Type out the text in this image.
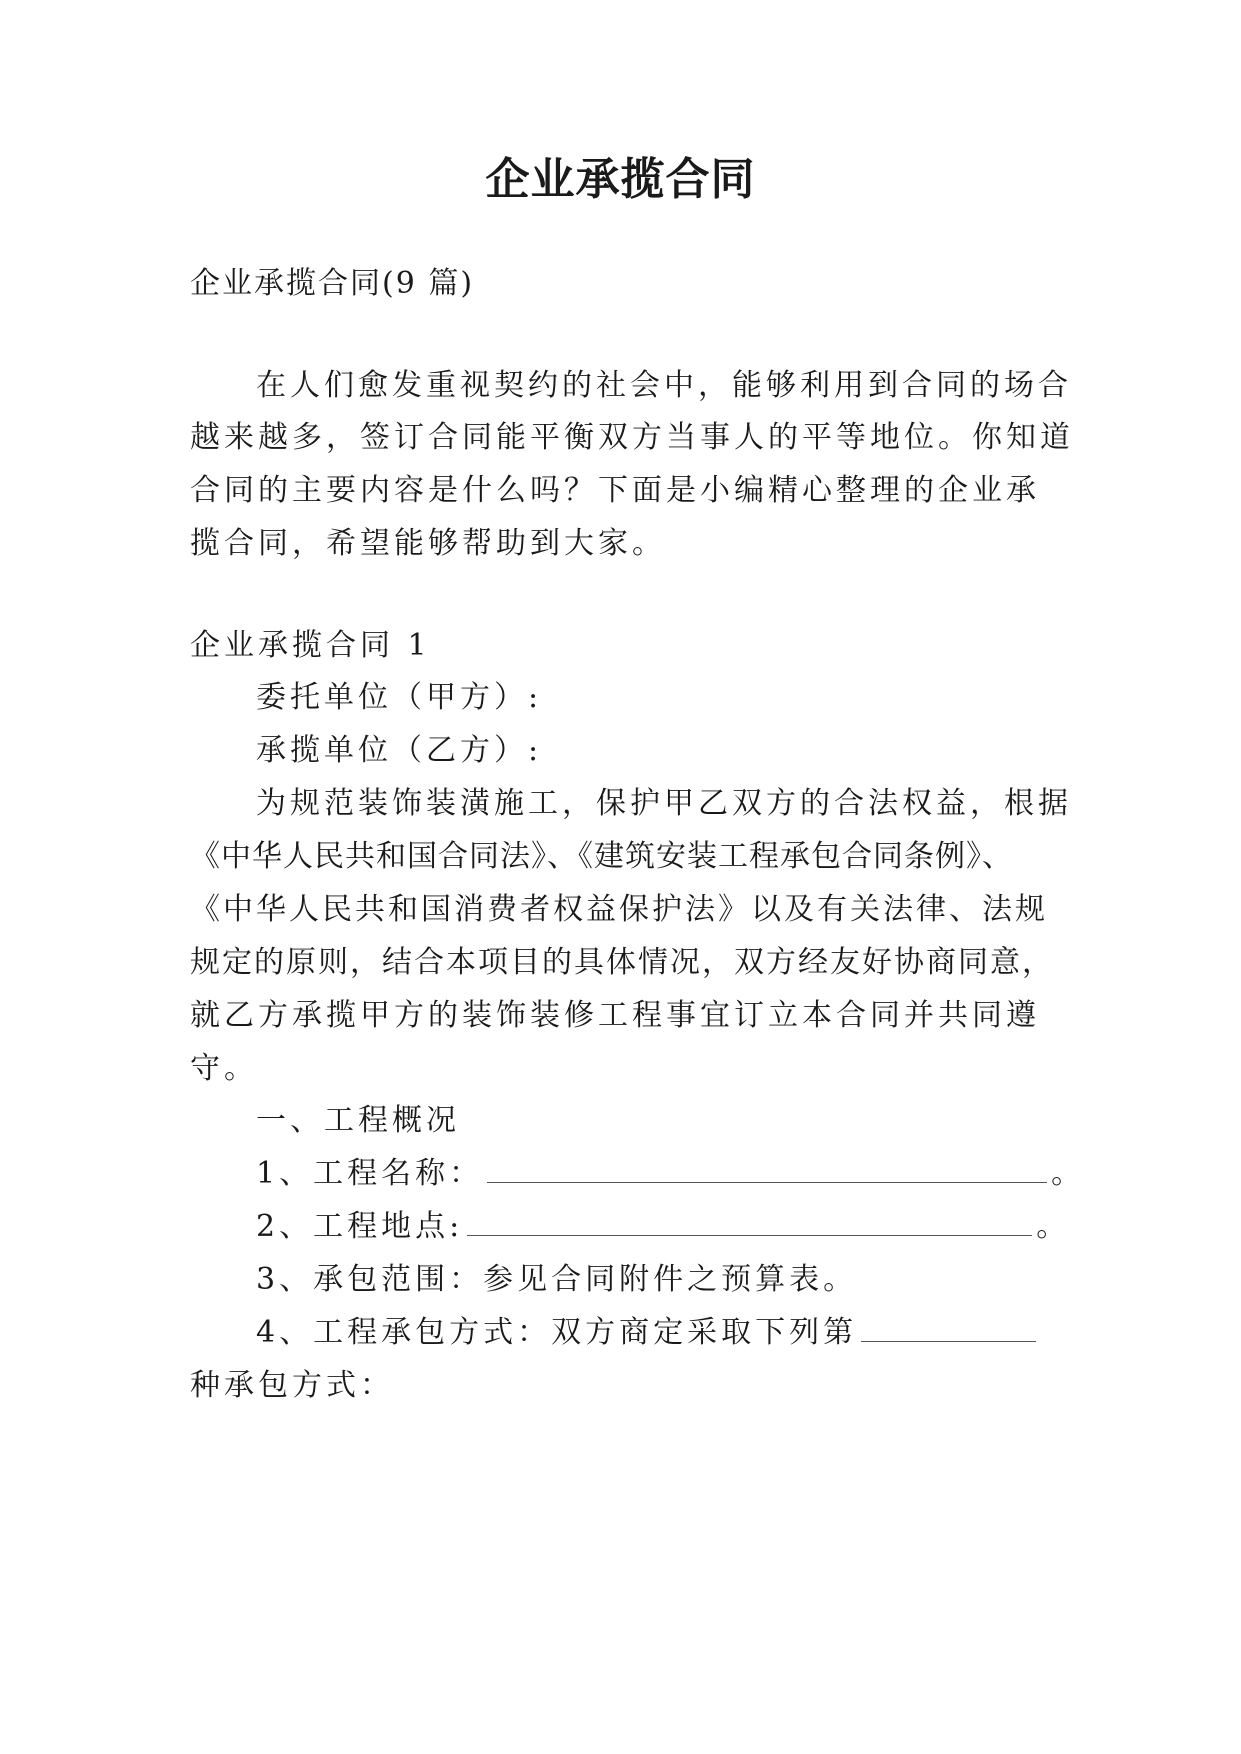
企业承揽合同
企业承揽合同(9 篇)
在人们愈发重视契约的社会中，能够利用到合同的场合
越来越多，签订合同能平衡双方当事人的平等地位。你知道
合同的主要内容是什么吗？下面是小编精心整理的企业承
揽合同，希望能够帮助到大家。
企业承揽合同 1
委托单位（甲方）:
承揽单位（乙方）:
为规范装饰装潢施工，保护甲乙双方的合法权益，根据
《中华人民共和国合同法》、《建筑安装工程承包合同条例》、
《中华人民共和国消费者权益保护法》以及有关法律、法规
规定的原则，结合本项目的具体情况，双方经友好协商同意，
就乙方承揽甲方的装饰装修工程事宜订立本合同并共同遵
守。
一、工程概况
1、工程名称：	。
2、工程地点:	。
3、承包范围：参见合同附件之预算表。
4、工程承包方式：双方商定采取下列第
种承包方式：
